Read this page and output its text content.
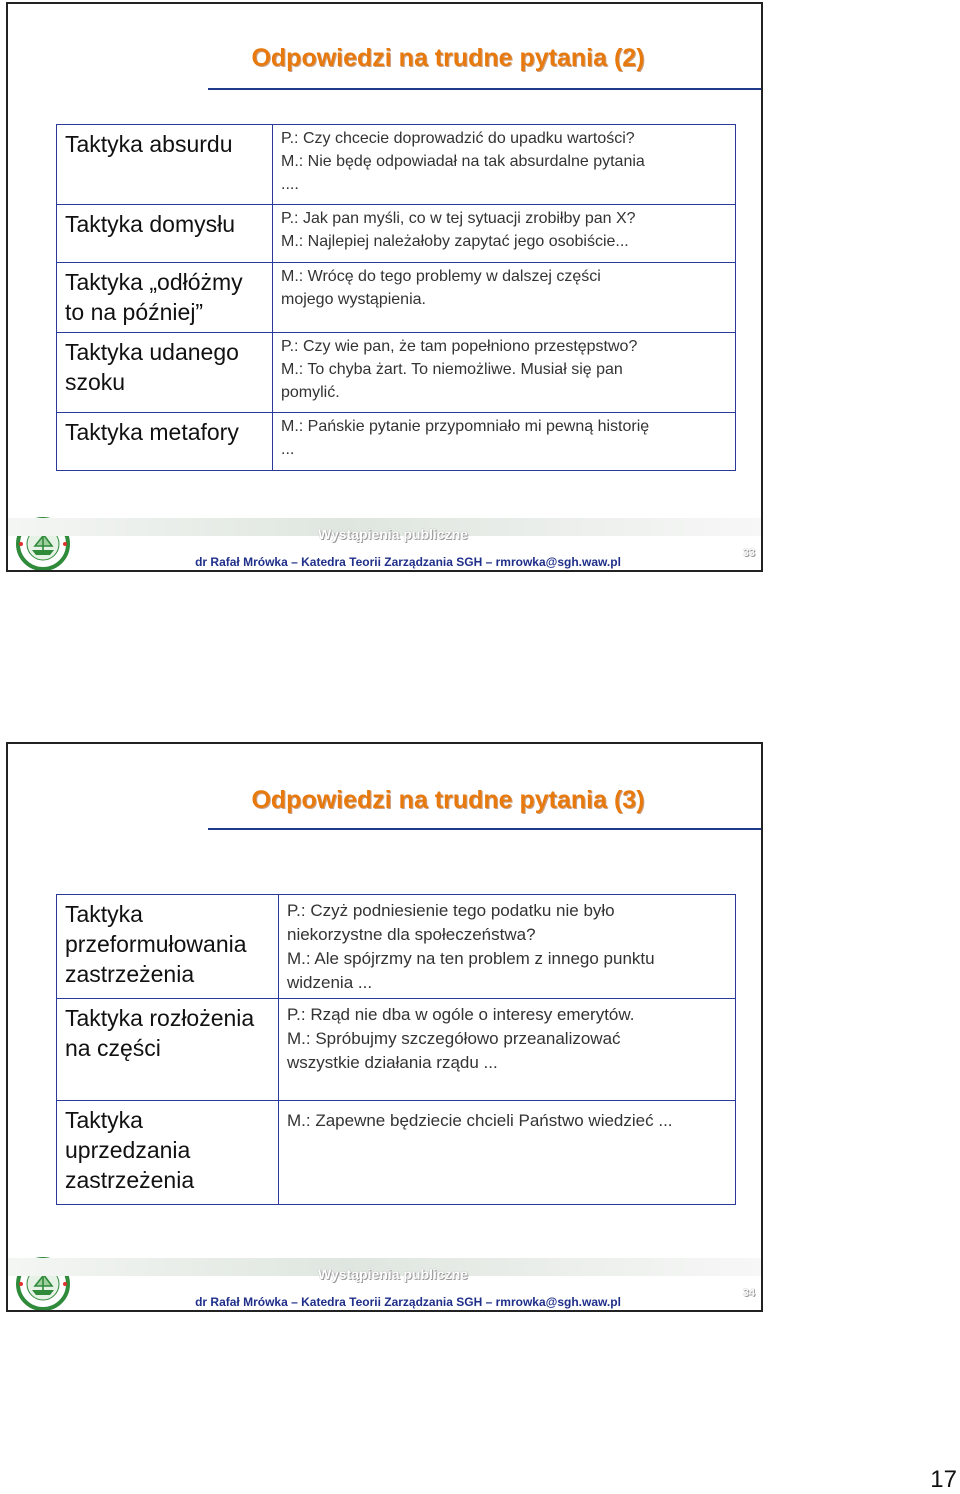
Odpowiedzi na trudne pytania (2)
Taktyka absurdu	P.: Czy chcecie doprowadzić do upadku wartości?
M.: Nie będę odpowiadał na tak absurdalne pytania
....

Taktyka domysłu	P.: Jak pan myśli, co w tej sytuacji zrobiłby pan X?
M.: Najlepiej należałoby zapytać jego osobiście...

Taktyka „odłóżmy to na później”	M.: Wrócę do tego problemy w dalszej części
mojego wystąpienia.

Taktyka udanego szoku	P.: Czy wie pan, że tam popełniono przestępstwo?
M.: To chyba żart. To niemożliwe. Musiał się pan
pomylić.

Taktyka metafory	M.: Pańskie pytanie przypomniało mi pewną historię
...
Wystąpienia publiczne
dr Rafał Mrówka – Katedra Teorii Zarządzania SGH – rmrowka@sgh.waw.pl
33
Odpowiedzi na trudne pytania (3)
Taktyka przeformułowania zastrzeżenia	P.: Czyż podniesienie tego podatku nie było
niekorzystne dla społeczeństwa?
M.: Ale spójrzmy na ten problem z innego punktu
widzenia ...

Taktyka rozłożenia na części	P.: Rząd nie dba w ogóle o interesy emerytów.
M.: Spróbujmy szczegółowo przeanalizować
wszystkie działania rządu ...

Taktyka uprzedzania zastrzeżenia	M.: Zapewne będziecie chcieli Państwo wiedzieć ...
Wystąpienia publiczne
dr Rafał Mrówka – Katedra Teorii Zarządzania SGH – rmrowka@sgh.waw.pl
34
17
